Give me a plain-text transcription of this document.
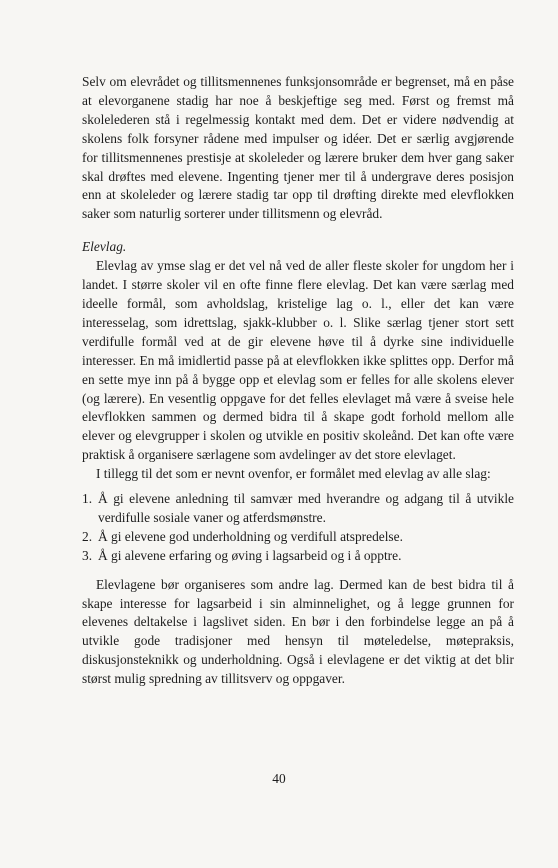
Selv om elevrådet og tillitsmennenes funksjonsområde er begrenset, må en påse at elevorganene stadig har noe å beskjeftige seg med. Først og fremst må skolelederen stå i regelmessig kontakt med dem. Det er videre nødvendig at skolens folk forsyner rådene med impulser og idéer. Det er særlig avgjørende for tillitsmennenes prestisje at skoleleder og lærere bruker dem hver gang saker skal drøftes med elevene. Ingenting tjener mer til å undergrave deres posisjon enn at skoleleder og lærere stadig tar opp til drøfting direkte med elevflokken saker som naturlig sorterer under tillitsmenn og elevråd.

Elevlag.

Elevlag av ymse slag er det vel nå ved de aller fleste skoler for ungdom her i landet. I større skoler vil en ofte finne flere elevlag. Det kan være særlag med ideelle formål, som avholdslag, kristelige lag o. l., eller det kan være interesselag, som idrettslag, sjakk-klubber o. l. Slike særlag tjener stort sett verdifulle formål ved at de gir elevene høve til å dyrke sine individuelle interesser. En må imidlertid passe på at elevflokken ikke splittes opp. Derfor må en sette mye inn på å bygge opp et elevlag som er felles for alle skolens elever (og lærere). En vesentlig oppgave for det felles elevlaget må være å sveise hele elevflokken sammen og dermed bidra til å skape godt forhold mellom alle elever og elevgrupper i skolen og utvikle en positiv skoleånd. Det kan ofte være praktisk å organisere særlagene som avdelinger av det store elevlaget.

I tillegg til det som er nevnt ovenfor, er formålet med elevlag av alle slag:

1. Å gi elevene anledning til samvær med hverandre og adgang til å utvikle verdifulle sosiale vaner og atferdsmønstre.
2. Å gi elevene god underholdning og verdifull atspredelse.
3. Å gi alevene erfaring og øving i lagsarbeid og i å opptre.

Elevlagene bør organiseres som andre lag. Dermed kan de best bidra til å skape interesse for lagsarbeid i sin alminnelighet, og å legge grunnen for elevenes deltakelse i lagslivet siden. En bør i den forbindelse legge an på å utvikle gode tradisjoner med hensyn til møteledelse, møtepraksis, diskusjonsteknikk og underholdning. Også i elevlagene er det viktig at det blir størst mulig spredning av tillitsverv og oppgaver.

40
